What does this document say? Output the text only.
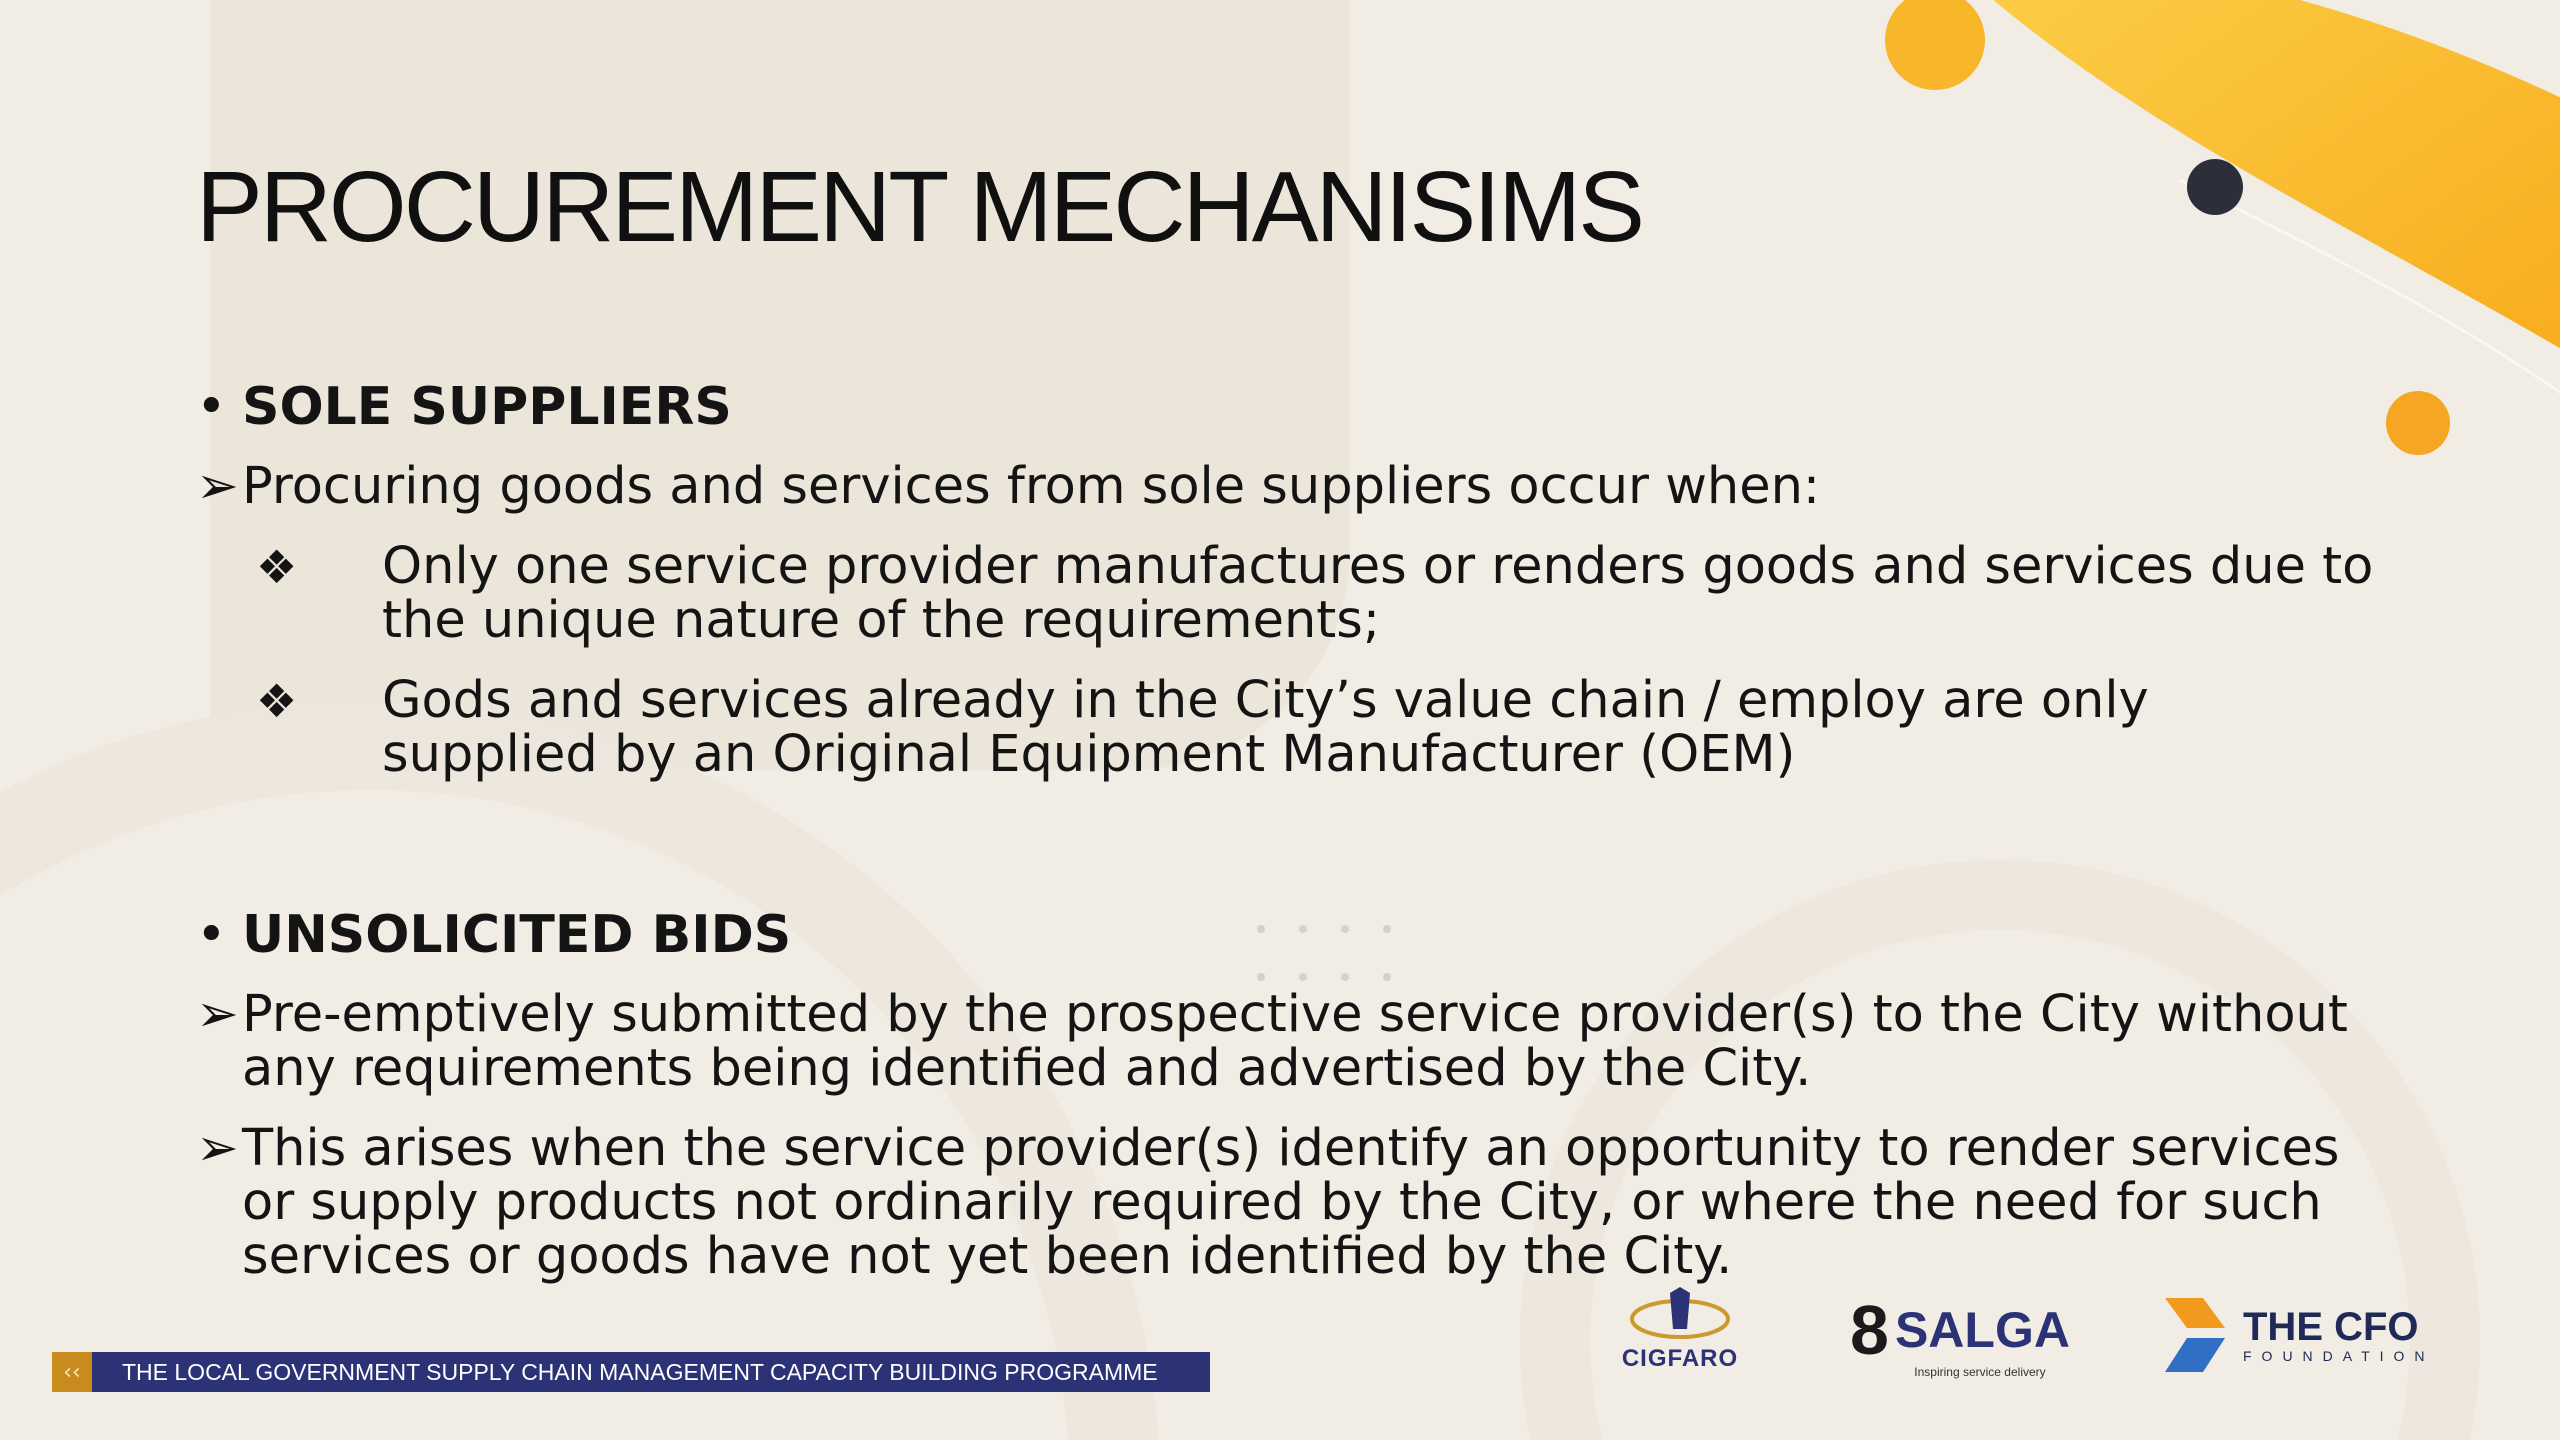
PROCUREMENT MECHANISIMS
• SOLE SUPPLIERS
➢ Procuring goods and services from sole suppliers occur when:
❖	Only one service provider manufactures or renders goods and services due to the unique nature of the requirements;
❖	Gods and services already in the City’s value chain / employ are only supplied by an Original Equipment Manufacturer (OEM)
• UNSOLICITED BIDS
➢ Pre-emptively submitted by the prospective service provider(s) to the City without any requirements being identified and advertised by the City.
➢ This arises when the service provider(s) identify an opportunity to render services or supply products not ordinarily required by the City, or where the need for such services or goods have not yet been identified by the City.
‹‹	THE LOCAL GOVERNMENT SUPPLY CHAIN MANAGEMENT CAPACITY BUILDING PROGRAMME	CIGFARO 8 SALGA
Inspiring service delivery
THE CFO
FOUNDATION
